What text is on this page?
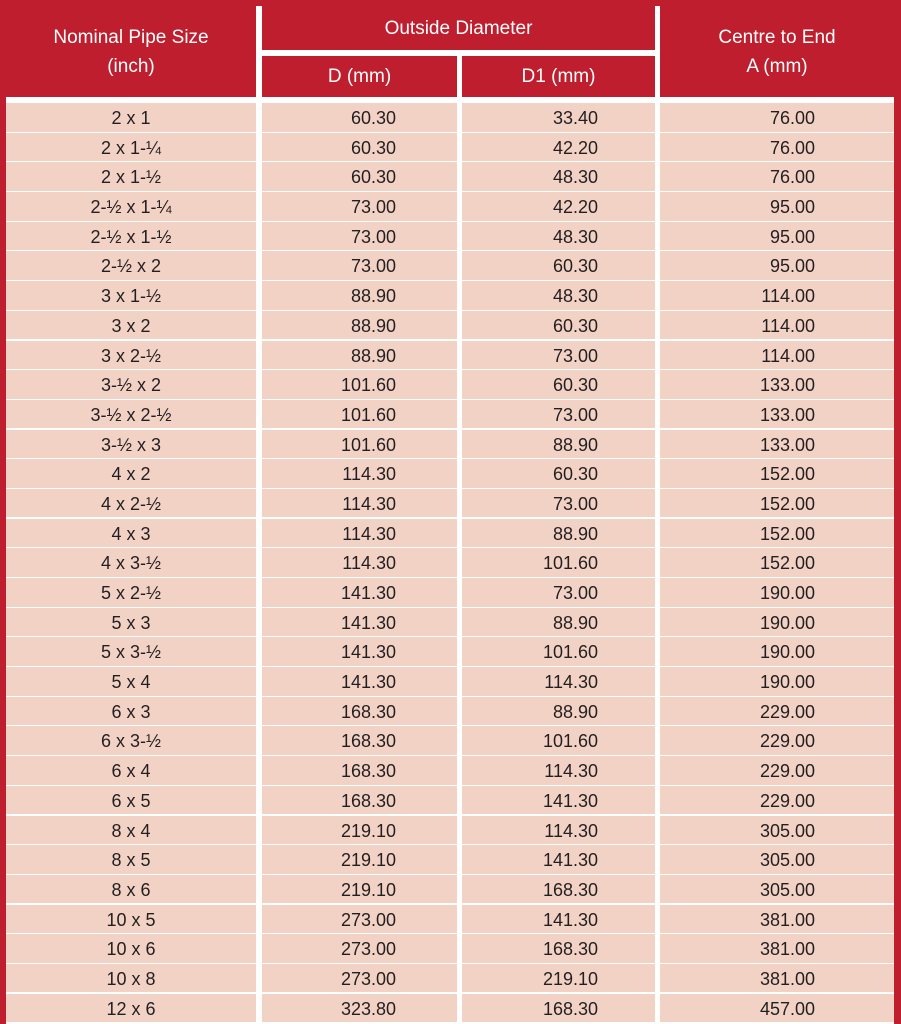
Nominal Pipe Size
(inch)
Outside Diameter
D (mm)	D1 (mm)
Centre to End
A (mm)
2 x 1	60.30	33.40	76.00
2 x 1-¼	60.30	42.20	76.00
2 x 1-½	60.30	48.30	76.00
2-½ x 1-¼	73.00	42.20	95.00
2-½ x 1-½	73.00	48.30	95.00
2-½ x 2	73.00	60.30	95.00
3 x 1-½	88.90	48.30	114.00
3 x 2	88.90	60.30	114.00
3 x 2-½	88.90	73.00	114.00
3-½ x 2	101.60	60.30	133.00
3-½ x 2-½	101.60	73.00	133.00
3-½ x 3	101.60	88.90	133.00
4 x 2	114.30	60.30	152.00
4 x 2-½	114.30	73.00	152.00
4 x 3	114.30	88.90	152.00
4 x 3-½	114.30	101.60	152.00
5 x 2-½	141.30	73.00	190.00
5 x 3	141.30	88.90	190.00
5 x 3-½	141.30	101.60	190.00
5 x 4	141.30	114.30	190.00
6 x 3	168.30	88.90	229.00
6 x 3-½	168.30	101.60	229.00
6 x 4	168.30	114.30	229.00
6 x 5	168.30	141.30	229.00
8 x 4	219.10	114.30	305.00
8 x 5	219.10	141.30	305.00
8 x 6	219.10	168.30	305.00
10 x 5	273.00	141.30	381.00
10 x 6	273.00	168.30	381.00
10 x 8	273.00	219.10	381.00
12 x 6	323.80	168.30	457.00
